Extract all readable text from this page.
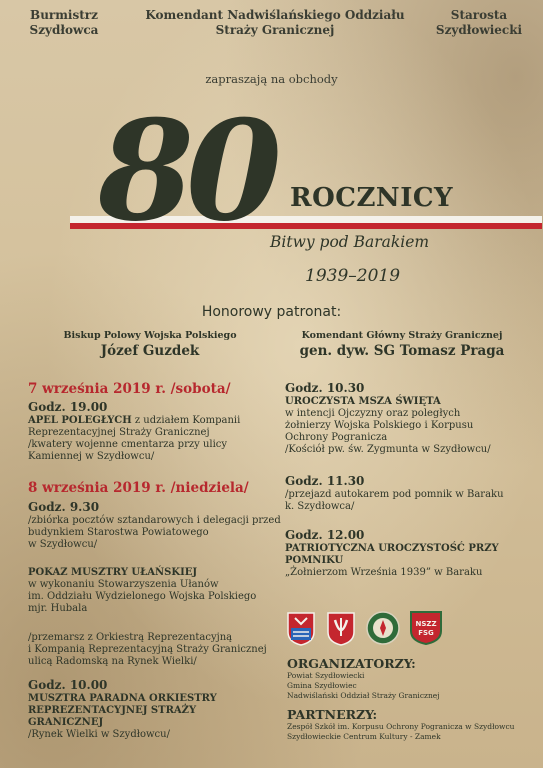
Burmistrz
Szydłowca
Komendant Nadwiślańskiego Oddziału
Straży Granicznej
Starosta
Szydłowiecki
zapraszają na obchody
80 ROCZNICY
Bitwy pod Barakiem
1939–2019
Honorowy patronat:
Biskup Polowy Wojska Polskiego
Józef Guzdek
Komendant Główny Straży Granicznej
gen. dyw. SG Tomasz Praga
7 września 2019 r. /sobota/
Godz. 19.00
APEL POLEGŁYCH z udziałem Kompanii
Reprezentacyjnej Straży Granicznej
/kwatery wojenne cmentarza przy ulicy
Kamiennej w Szydłowcu/
8 września 2019 r. /niedziela/
Godz. 9.30
/zbiórka pocztów sztandarowych i delegacji przed
budynkiem Starostwa Powiatowego
w Szydłowcu/
POKAZ MUSZTRY UŁAŃSKIEJ
w wykonaniu Stowarzyszenia Ułanów
im. Oddziału Wydzielonego Wojska Polskiego
mjr. Hubala
/przemarsz z Orkiestrą Reprezentacyjną
i Kompanią Reprezentacyjną Straży Granicznej
ulicą Radomską na Rynek Wielki/
Godz. 10.00
MUSZTRA PARADNA ORKIESTRY
REPREZENTACYJNEJ STRAŻY
GRANICZNEJ
/Rynek Wielki w Szydłowcu/
Godz. 10.30
UROCZYSTA MSZA ŚWIĘTA
w intencji Ojczyzny oraz poległych
żołnierzy Wojska Polskiego i Korpusu
Ochrony Pogranicza
/Kościół pw. św. Zygmunta w Szydłowcu/
Godz. 11.30
/przejazd autokarem pod pomnik w Baraku
k. Szydłowca/
Godz. 12.00
PATRIOTYCZNA UROCZYSTOŚĆ PRZY
POMNIKU
„Żołnierzom Września 1939” w Baraku
NSZZ
FSG
ORGANIZATORZY:
Powiat Szydłowiecki
Gmina Szydłowiec
Nadwiślański Oddział Straży Granicznej
PARTNERZY:
Zespół Szkół im. Korpusu Ochrony Pogranicza w Szydłowcu
Szydłowieckie Centrum Kultury - Zamek
